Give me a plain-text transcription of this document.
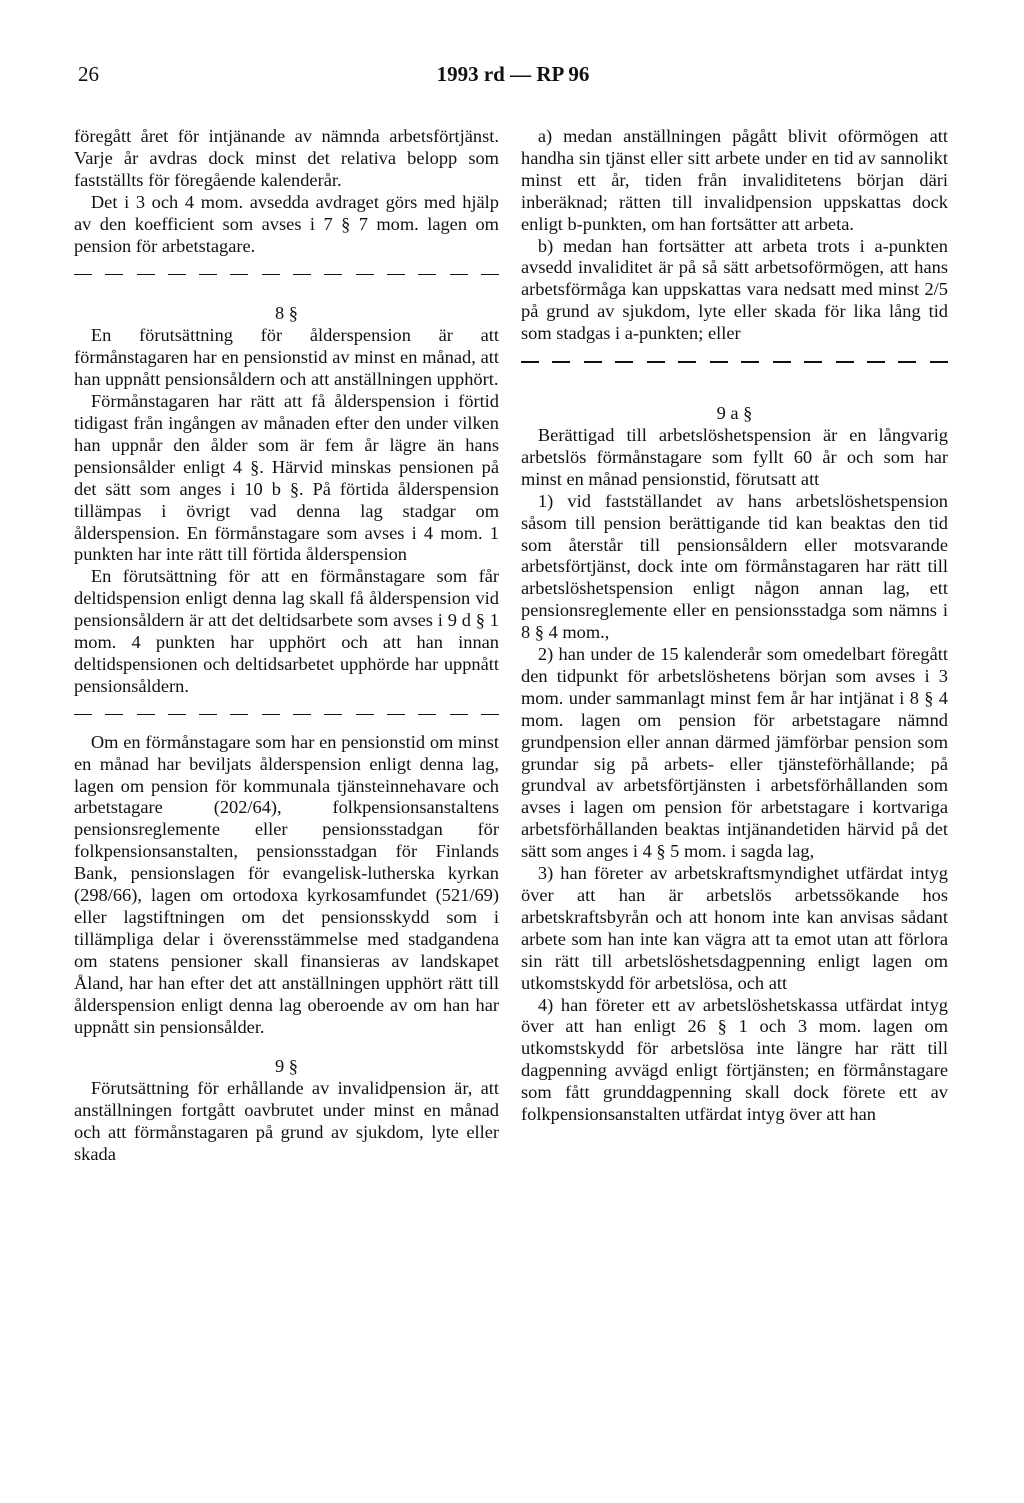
26	1993 rd — RP 96

föregått året för intjänande av nämnda arbetsförtjänst. Varje år avdras dock minst det relativa belopp som fastställts för föregående kalenderår.

Det i 3 och 4 mom. avsedda avdraget görs med hjälp av den koefficient som avses i 7 § 7 mom. lagen om pension för arbetstagare.

8 §

En förutsättning för ålderspension är att förmånstagaren har en pensionstid av minst en månad, att han uppnått pensionsåldern och att anställningen upphört.

Förmånstagaren har rätt att få ålderspension i förtid tidigast från ingången av månaden efter den under vilken han uppnår den ålder som är fem år lägre än hans pensionsålder enligt 4 §. Härvid minskas pensionen på det sätt som anges i 10 b §. På förtida ålderspension tillämpas i övrigt vad denna lag stadgar om ålderspension. En förmånstagare som avses i 4 mom. 1 punkten har inte rätt till förtida ålderspension

En förutsättning för att en förmånstagare som får deltidspension enligt denna lag skall få ålderspension vid pensionsåldern är att det deltidsarbete som avses i 9 d § 1 mom. 4 punkten har upphört och att han innan deltidspensionen och deltidsarbetet upphörde har uppnått pensionsåldern.

Om en förmånstagare som har en pensionstid om minst en månad har beviljats ålderspension enligt denna lag, lagen om pension för kommunala tjänsteinnehavare och arbetstagare (202/64), folkpensionsanstaltens pensionsreglemente eller pensionsstadgan för folkpensionsanstalten, pensionsstadgan för Finlands Bank, pensionslagen för evangelisk-lutherska kyrkan (298/66), lagen om ortodoxa kyrkosamfundet (521/69) eller lagstiftningen om det pensionsskydd som i tillämpliga delar i överensstämmelse med stadgandena om statens pensioner skall finansieras av landskapet Åland, har han efter det att anställningen upphört rätt till ålderspension enligt denna lag oberoende av om han har uppnått sin pensionsålder.

9 §

Förutsättning för erhållande av invalidpension är, att anställningen fortgått oavbrutet under minst en månad och att förmånstagaren på grund av sjukdom, lyte eller skada

a) medan anställningen pågått blivit oförmögen att handha sin tjänst eller sitt arbete under en tid av sannolikt minst ett år, tiden från invaliditetens början däri inberäknad; rätten till invalidpension uppskattas dock enligt b-punkten, om han fortsätter att arbeta.

b) medan han fortsätter att arbeta trots i a-punkten avsedd invaliditet är på så sätt arbetsoförmögen, att hans arbetsförmåga kan uppskattas vara nedsatt med minst 2/5 på grund av sjukdom, lyte eller skada för lika lång tid som stadgas i a-punkten; eller

9 a §

Berättigad till arbetslöshetspension är en långvarig arbetslös förmånstagare som fyllt 60 år och som har minst en månad pensionstid, förutsatt att

1) vid fastställandet av hans arbetslöshetspension såsom till pension berättigande tid kan beaktas den tid som återstår till pensionsåldern eller motsvarande arbetsförtjänst, dock inte om förmånstagaren har rätt till arbetslöshetspension enligt någon annan lag, ett pensionsreglemente eller en pensionsstadga som nämns i 8 § 4 mom.,

2) han under de 15 kalenderår som omedelbart föregått den tidpunkt för arbetslöshetens början som avses i 3 mom. under sammanlagt minst fem år har intjänat i 8 § 4 mom. lagen om pension för arbetstagare nämnd grundpension eller annan därmed jämförbar pension som grundar sig på arbets- eller tjänsteförhållande; på grundval av arbetsförtjänsten i arbetsförhållanden som avses i lagen om pension för arbetstagare i kortvariga arbetsförhållanden beaktas intjänandetiden härvid på det sätt som anges i 4 § 5 mom. i sagda lag,

3) han företer av arbetskraftsmyndighet utfärdat intyg över att han är arbetslös arbetssökande hos arbetskraftsbyrån och att honom inte kan anvisas sådant arbete som han inte kan vägra att ta emot utan att förlora sin rätt till arbetslöshetsdagpenning enligt lagen om utkomstskydd för arbetslösa, och att

4) han företer ett av arbetslöshetskassa utfärdat intyg över att han enligt 26 § 1 och 3 mom. lagen om utkomstskydd för arbetslösa inte längre har rätt till dagpenning avvägd enligt förtjänsten; en förmånstagare som fått grunddagpenning skall dock förete ett av folkpensionsanstalten utfärdat intyg över att han
